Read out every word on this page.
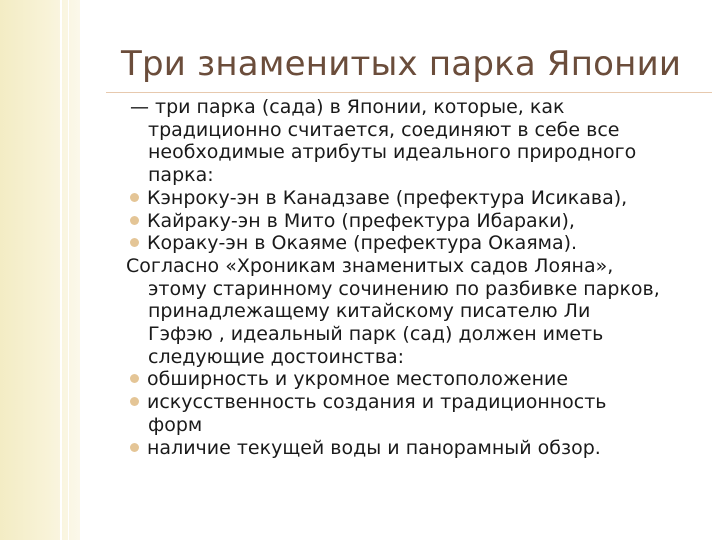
Три знаменитых парка Японии
— три парка (сада) в Японии, которые, как
традиционно считается, соединяют в себе все
необходимые атрибуты идеального природного
парка:
Кэнроку-эн в Канадзаве (префектура Исикава),
Кайраку-эн в Мито (префектура Ибараки),
Кораку-эн в Окаяме (префектура Окаяма).
Согласно «Хроникам знаменитых садов Лояна»,
этому старинному сочинению по разбивке парков,
принадлежащему китайскому писателю Ли
Гэфэю , идеальный парк (сад) должен иметь
следующие достоинства:
обширность и укромное местоположение
искусственность создания и традиционность
форм
наличие текущей воды и панорамный обзор.
